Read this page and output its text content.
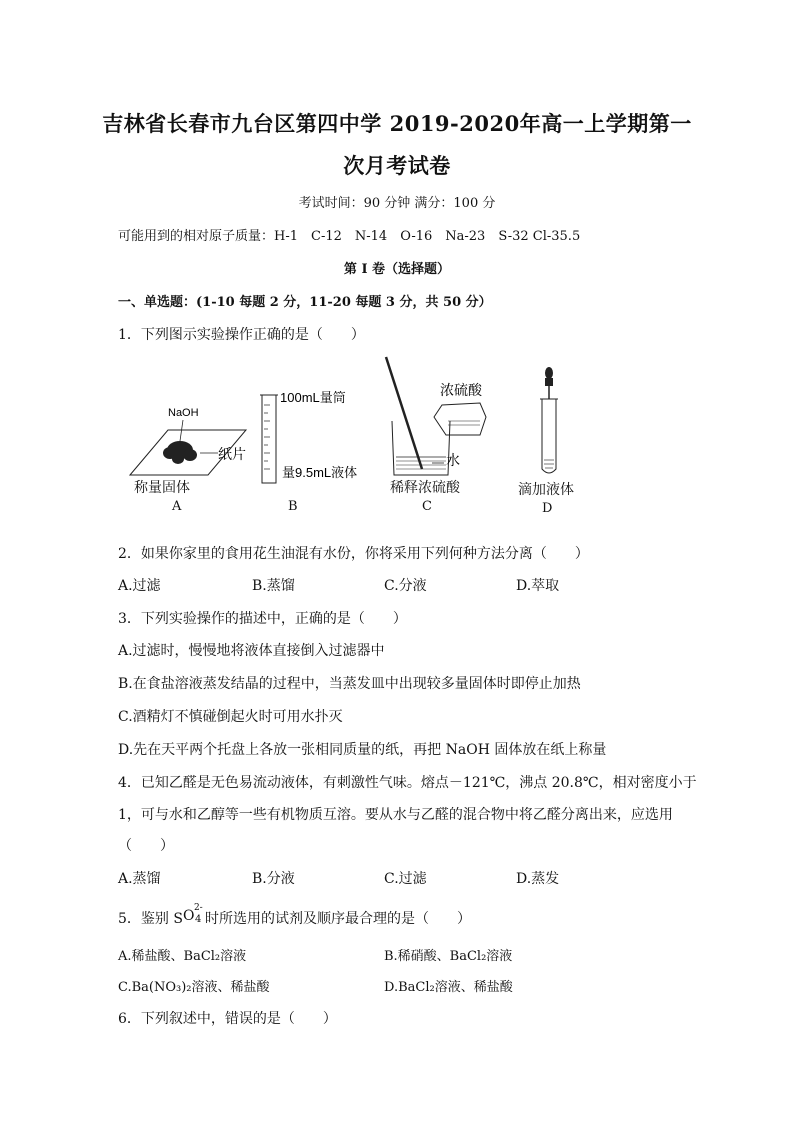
吉林省长春市九台区第四中学 2019-2020年高一上学期第一
次月考试卷
考试时间：90 分钟 满分：100 分
可能用到的相对原子质量：H-1　C-12　N-14　O-16　Na-23　S-32 Cl-35.5
第 I 卷（选择题）
一、单选题：(1-10 每题 2 分，11-20 每题 3 分，共 50 分）
1．下列图示实验操作正确的是（　　）
NaOH
纸片
称量固体
A
100mL量筒
量9.5mL液体
B
浓硫酸
水
稀释浓硫酸
C
滴加液体
D
2．如果你家里的食用花生油混有水份，你将采用下列何种方法分离（　　）
A.过滤	B.蒸馏	C.分液	D.萃取
3．下列实验操作的描述中，正确的是（　　）
A.过滤时，慢慢地将液体直接倒入过滤器中
B.在食盐溶液蒸发结晶的过程中，当蒸发皿中出现较多量固体时即停止加热
C.酒精灯不慎碰倒起火时可用水扑灭
D.先在天平两个托盘上各放一张相同质量的纸，再把 NaOH 固体放在纸上称量
4．已知乙醛是无色易流动液体，有刺激性气味。熔点－121℃，沸点 20.8℃，相对密度小于
1，可与水和乙醇等一些有机物质互溶。要从水与乙醛的混合物中将乙醛分离出来，应选用
（　　）
A.蒸馏	B.分液	C.过滤	D.蒸发
5．鉴别 SO 2-
4 时所选用的试剂及顺序最合理的是（　　）
A.稀盐酸、BaCl₂溶液	B.稀硝酸、BaCl₂溶液
C.Ba(NO₃)₂溶液、稀盐酸	D.BaCl₂溶液、稀盐酸
6．下列叙述中，错误的是（　　）
